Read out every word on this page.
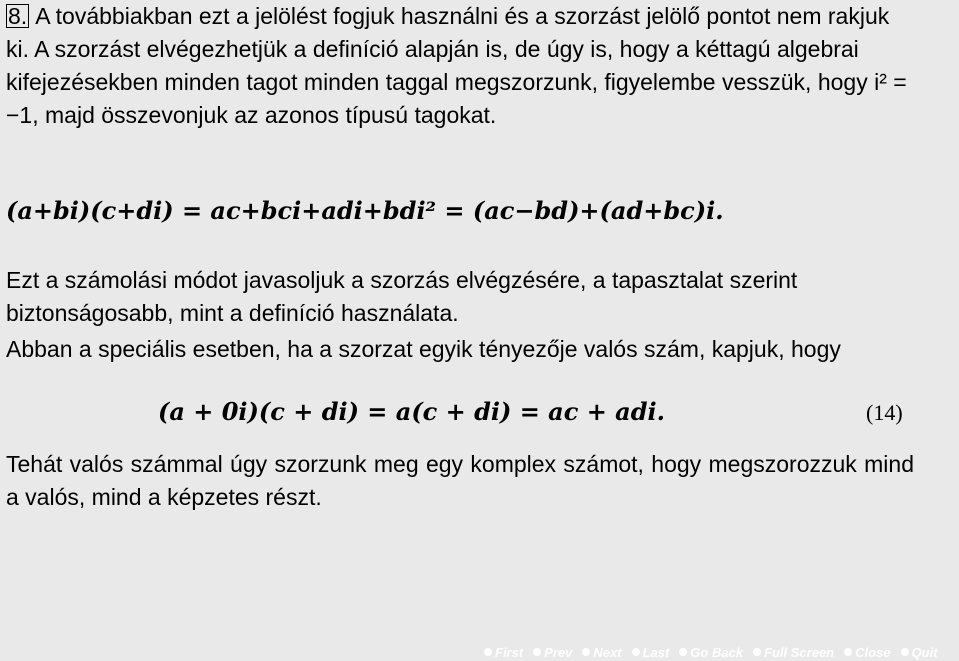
8. A továbbiakban ezt a jelölést fogjuk használni és a szorzást jelölő pontot nem rakjuk ki. A szorzást elvégezhetjük a definíció alapján is, de úgy is, hogy a kéttagú algebrai kifejezésekben minden tagot minden taggal megszorzunk, figyelembe vesszük, hogy i² = −1, majd összevonjuk az azonos típusú tagokat.

(a+bi)(c+di) = ac+bci+adi+bdi² = (ac−bd)+(ad+bc)i.

Ezt a számolási módot javasoljuk a szorzás elvégzésére, a tapasztalat szerint biztonságosabb, mint a definíció használata.

Abban a speciális esetben, ha a szorzat egyik tényezője valós szám, kapjuk, hogy

(a + 0i)(c + di) = a(c + di) = ac + adi.	(14)

Tehát valós számmal úgy szorzunk meg egy komplex számot, hogy megszorozzuk mind a valós, mind a képzetes részt.

First Prev Next Last Go Back Full Screen Close Quit
